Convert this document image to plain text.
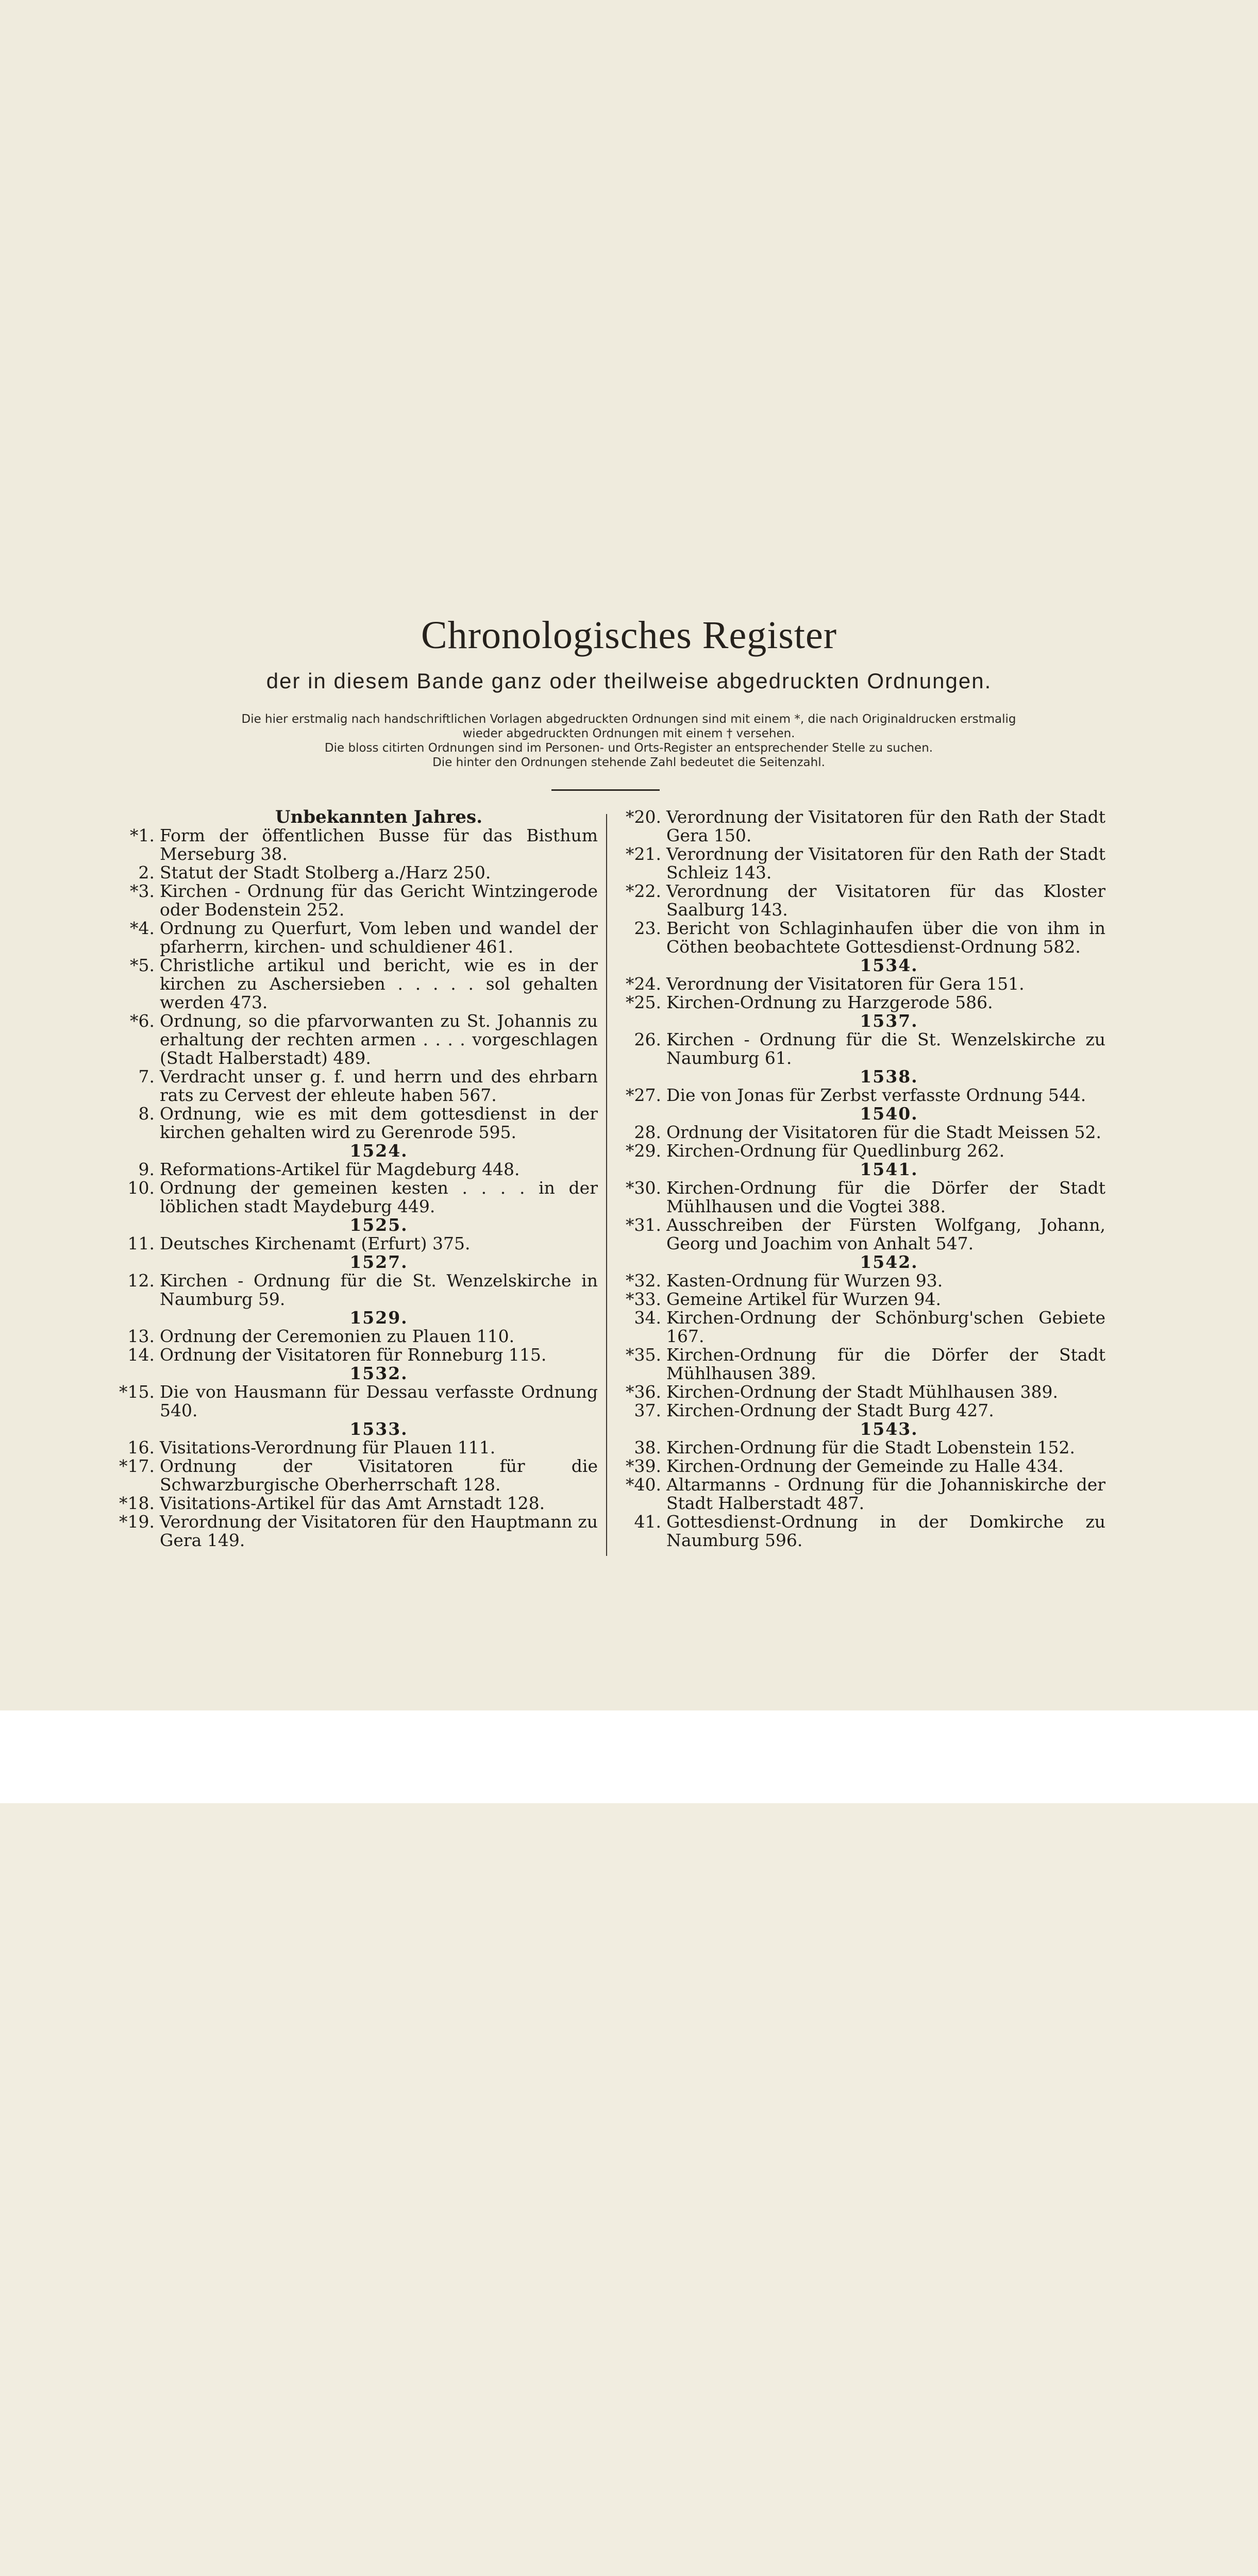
Chronologisches Register
der in diesem Bande ganz oder theilweise abgedruckten Ordnungen.
Die hier erstmalig nach handschriftlichen Vorlagen abgedruckten Ordnungen sind mit einem *, die nach Originaldrucken erstmalig
wieder abgedruckten Ordnungen mit einem † versehen.
Die bloss citirten Ordnungen sind im Personen- und Orts-Register an entsprechender Stelle zu suchen.
Die hinter den Ordnungen stehende Zahl bedeutet die Seitenzahl.
Unbekannten Jahres.
*1. Form der öffentlichen Busse für das Bisthum Merseburg 38.
2. Statut der Stadt Stolberg a./Harz 250.
*3. Kirchen - Ordnung für das Gericht Wintzingerode oder Bodenstein 252.
*4. Ordnung zu Querfurt, Vom leben und wandel der pfarherrn, kirchen- und schuldiener 461.
*5. Christliche artikul und bericht, wie es in der kirchen zu Aschersieben . . . . . sol gehalten werden 473.
*6. Ordnung, so die pfarvorwanten zu St. Johannis zu erhaltung der rechten armen . . . . vorgeschlagen (Stadt Halberstadt) 489.
7. Verdracht unser g. f. und herrn und des ehrbarn rats zu Cervest der ehleute haben 567.
8. Ordnung, wie es mit dem gottesdienst in der kirchen gehalten wird zu Gerenrode 595.
1524.
9. Reformations-Artikel für Magdeburg 448.
10. Ordnung der gemeinen kesten . . . . in der löblichen stadt Maydeburg 449.
1525.
11. Deutsches Kirchenamt (Erfurt) 375.
1527.
12. Kirchen - Ordnung für die St. Wenzelskirche in Naumburg 59.
1529.
13. Ordnung der Ceremonien zu Plauen 110.
14. Ordnung der Visitatoren für Ronneburg 115.
1532.
*15. Die von Hausmann für Dessau verfasste Ordnung 540.
1533.
16. Visitations-Verordnung für Plauen 111.
*17. Ordnung der Visitatoren für die Schwarzburgische Oberherrschaft 128.
*18. Visitations-Artikel für das Amt Arnstadt 128.
*19. Verordnung der Visitatoren für den Hauptmann zu Gera 149.
*20. Verordnung der Visitatoren für den Rath der Stadt Gera 150.
*21. Verordnung der Visitatoren für den Rath der Stadt Schleiz 143.
*22. Verordnung der Visitatoren für das Kloster Saalburg 143.
23. Bericht von Schlaginhaufen über die von ihm in Cöthen beobachtete Gottesdienst-Ordnung 582.
1534.
*24. Verordnung der Visitatoren für Gera 151.
*25. Kirchen-Ordnung zu Harzgerode 586.
1537.
26. Kirchen - Ordnung für die St. Wenzelskirche zu Naumburg 61.
1538.
*27. Die von Jonas für Zerbst verfasste Ordnung 544.
1540.
28. Ordnung der Visitatoren für die Stadt Meissen 52.
*29. Kirchen-Ordnung für Quedlinburg 262.
1541.
*30. Kirchen-Ordnung für die Dörfer der Stadt Mühlhausen und die Vogtei 388.
*31. Ausschreiben der Fürsten Wolfgang, Johann, Georg und Joachim von Anhalt 547.
1542.
*32. Kasten-Ordnung für Wurzen 93.
*33. Gemeine Artikel für Wurzen 94.
34. Kirchen-Ordnung der Schönburg'schen Gebiete 167.
*35. Kirchen-Ordnung für die Dörfer der Stadt Mühlhausen 389.
*36. Kirchen-Ordnung der Stadt Mühlhausen 389.
37. Kirchen-Ordnung der Stadt Burg 427.
1543.
38. Kirchen-Ordnung für die Stadt Lobenstein 152.
*39. Kirchen-Ordnung der Gemeinde zu Halle 434.
*40. Altarmanns - Ordnung für die Johanniskirche der Stadt Halberstadt 487.
41. Gottesdienst-Ordnung in der Domkirche zu Naumburg 596.
